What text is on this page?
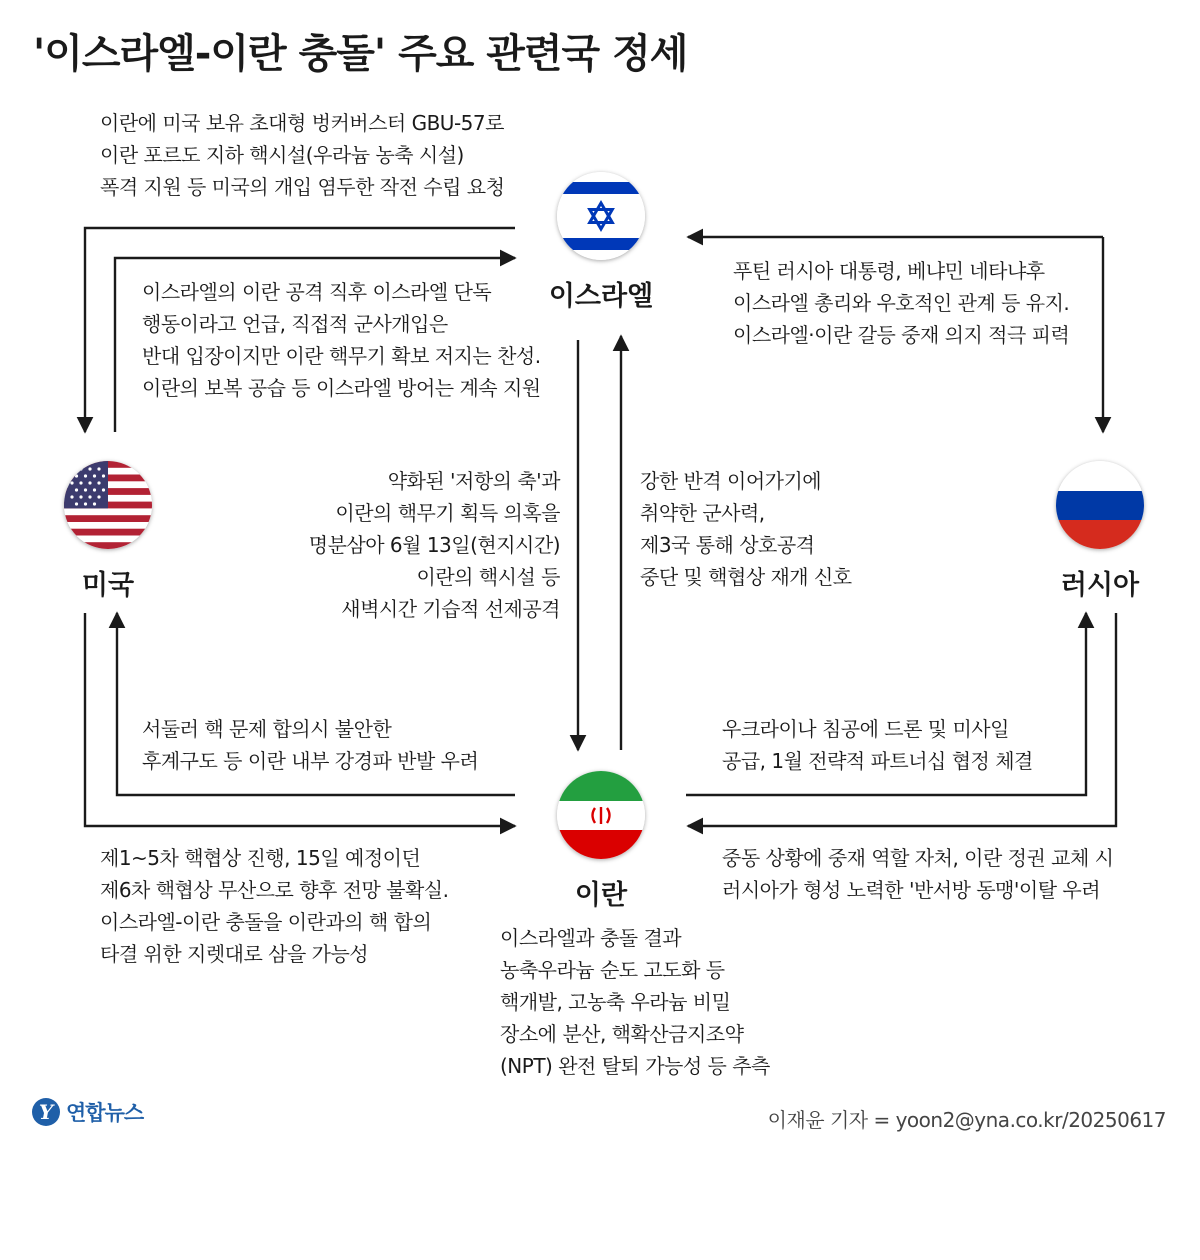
'이스라엘-이란 충돌' 주요 관련국 정세
이스라엘
미국	러시아
이란
이란에 미국 보유 초대형 벙커버스터 GBU-57로
이란 포르도 지하 핵시설(우라늄 농축 시설)
폭격 지원 등 미국의 개입 염두한 작전 수립 요청
이스라엘의 이란 공격 직후 이스라엘 단독
행동이라고 언급, 직접적 군사개입은
반대 입장이지만 이란 핵무기 확보 저지는 찬성.
이란의 보복 공습 등 이스라엘 방어는 계속 지원
푸틴 러시아 대통령, 베냐민 네타냐후
이스라엘 총리와 우호적인 관계 등 유지.
이스라엘·이란 갈등 중재 의지 적극 피력
약화된 '저항의 축'과
이란의 핵무기 획득 의혹을
명분삼아 6월 13일(현지시간)
이란의 핵시설 등
새벽시간 기습적 선제공격
강한 반격 이어가기에
취약한 군사력,
제3국 통해 상호공격
중단 및 핵협상 재개 신호
서둘러 핵 문제 합의시 불안한
후계구도 등 이란 내부 강경파 반발 우려
제1~5차 핵협상 진행, 15일 예정이던
제6차 핵협상 무산으로 향후 전망 불확실.
이스라엘-이란 충돌을 이란과의 핵 합의
타결 위한 지렛대로 삼을 가능성
우크라이나 침공에 드론 및 미사일
공급, 1월 전략적 파트너십 협정 체결
중동 상황에 중재 역할 자처, 이란 정권 교체 시
러시아가 형성 노력한 '반서방 동맹'이탈 우려
이스라엘과 충돌 결과
농축우라늄 순도 고도화 등
핵개발, 고농축 우라늄 비밀
장소에 분산, 핵확산금지조약
(NPT) 완전 탈퇴 가능성 등 추측
Y 연합뉴스	이재윤 기자 = yoon2@yna.co.kr/20250617
